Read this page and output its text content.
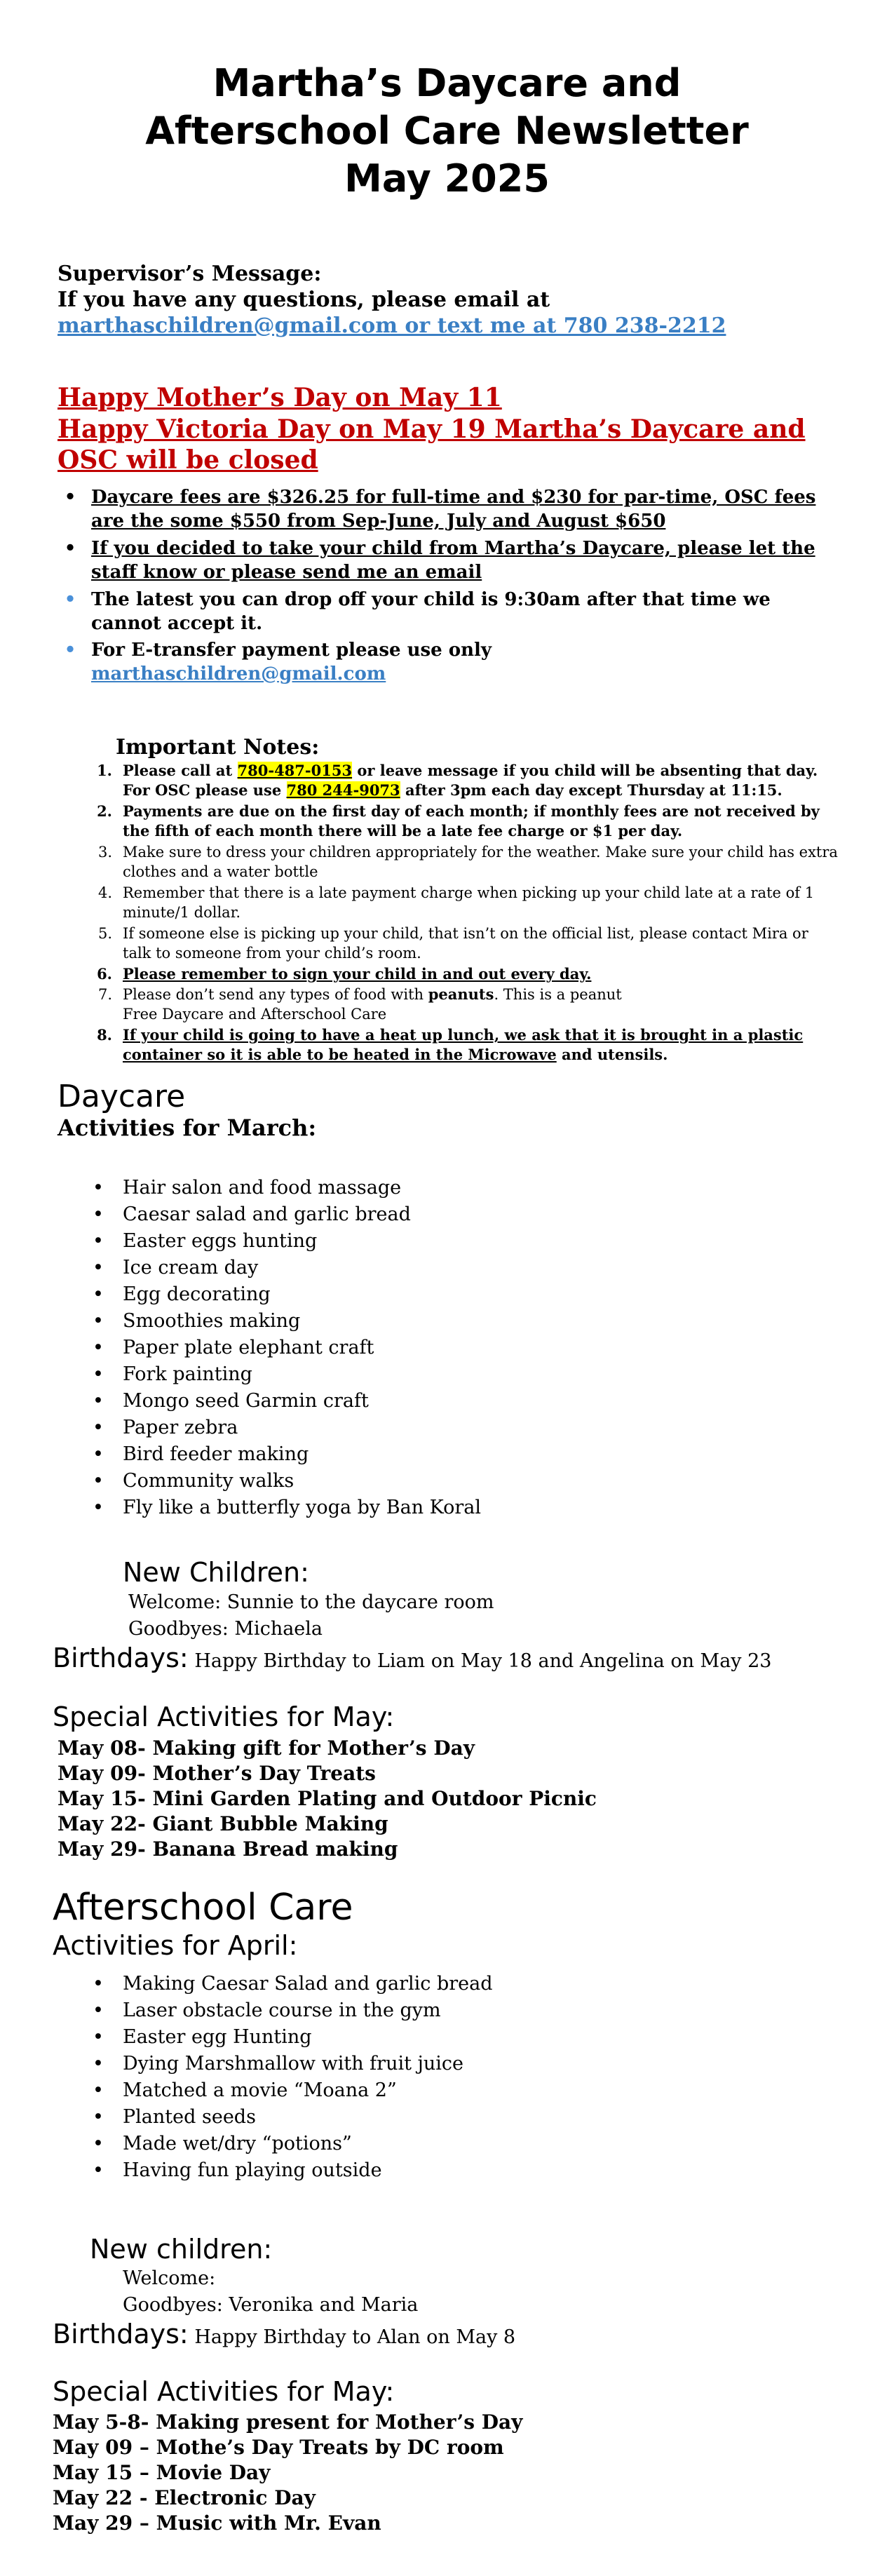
Martha’s Daycare and
Afterschool Care Newsletter
May 2025
Supervisor’s Message:
If you have any questions, please email at
marthaschildren@gmail.com or text me at 780 238-2212
Happy Mother’s Day on May 11
Happy Victoria Day on May 19 Martha’s Daycare and OSC will be closed
• Daycare fees are $326.25 for full-time and $230 for par-time, OSC fees are the some $550 from Sep-June, July and August $650
• If you decided to take your child from Martha’s Daycare, please let the staff know or please send me an email
• The latest you can drop off your child is 9:30am after that time we cannot accept it.
• For E-transfer payment please use only
marthaschildren@gmail.com
Important Notes:
1. Please call at 780-487-0153 or leave message if you child will be absenting that day. For OSC please use 780 244-9073 after 3pm each day except Thursday at 11:15.
2. Payments are due on the first day of each month; if monthly fees are not received by the fifth of each month there will be a late fee charge or $1 per day.
3. Make sure to dress your children appropriately for the weather. Make sure your child has extra clothes and a water bottle
4. Remember that there is a late payment charge when picking up your child late at a rate of 1 minute/1 dollar.
5. If someone else is picking up your child, that isn’t on the official list, please contact Mira or talk to someone from your child’s room.
6. Please remember to sign your child in and out every day.
7. Please don’t send any types of food with peanuts. This is a peanut
Free Daycare and Afterschool Care
8. If your child is going to have a heat up lunch, we ask that it is brought in a plastic container so it is able to be heated in the Microwave and utensils.
Daycare
Activities for March:
• Hair salon and food massage
• Caesar salad and garlic bread
• Easter eggs hunting
• Ice cream day
• Egg decorating
• Smoothies making
• Paper plate elephant craft
• Fork painting
• Mongo seed Garmin craft
• Paper zebra
• Bird feeder making
• Community walks
• Fly like a butterfly yoga by Ban Koral
New Children:
Welcome: Sunnie to the daycare room
Goodbyes: Michaela
Birthdays: Happy Birthday to Liam on May 18 and Angelina on May 23
Special Activities for May:
May 08- Making gift for Mother’s Day
May 09- Mother’s Day Treats
May 15- Mini Garden Plating and Outdoor Picnic
May 22- Giant Bubble Making
May 29- Banana Bread making
Afterschool Care
Activities for April:
• Making Caesar Salad and garlic bread
• Laser obstacle course in the gym
• Easter egg Hunting
• Dying Marshmallow with fruit juice
• Matched a movie “Moana 2”
• Planted seeds
• Made wet/dry “potions”
• Having fun playing outside
New children:
Welcome:
Goodbyes: Veronika and Maria
Birthdays: Happy Birthday to Alan on May 8
Special Activities for May:
May 5-8- Making present for Mother’s Day
May 09 – Mothe’s Day Treats by DC room
May 15 – Movie Day
May 22 - Electronic Day
May 29 – Music with Mr. Evan
